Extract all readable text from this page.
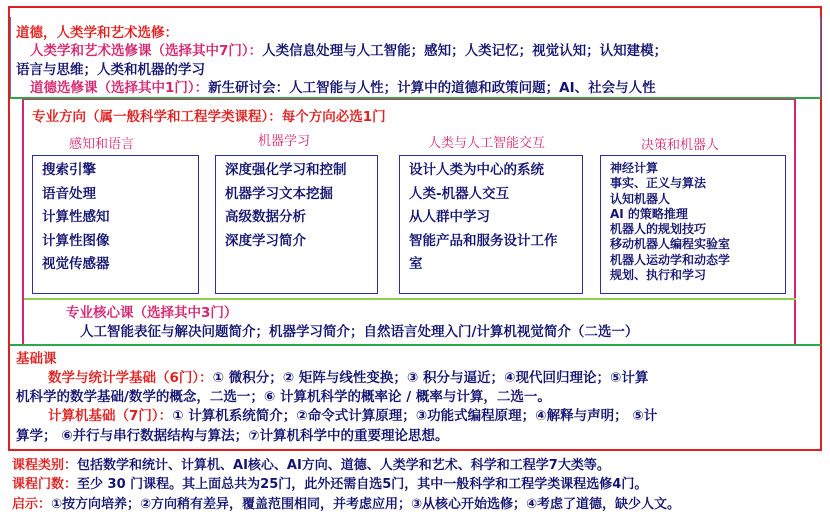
道德，人类学和艺术选修：
人类学和艺术选修课（选择其中7门）：人类信息处理与人工智能；感知；人类记忆；视觉认知；认知建模；
语言与思维；人类和机器的学习
道德选修课（选择其中1门）：新生研讨会：人工智能与人性；计算中的道德和政策问题；AI、社会与人性
专业方向（属一般科学和工程学类课程）：每个方向必选1门
感知和语言
搜索引擎
语音处理
计算性感知
计算性图像
视觉传感器
机器学习
深度强化学习和控制
机器学习文本挖掘
高级数据分析
深度学习简介
人类与人工智能交互
设计人类为中心的系统
人类-机器人交互
从人群中学习
智能产品和服务设计工作室
决策和机器人
神经计算
事实、正义与算法
认知机器人
AI 的策略推理
机器人的规划技巧
移动机器人编程实验室
机器人运动学和动态学
规划、执行和学习
专业核心课（选择其中3门）
人工智能表征与解决问题简介；机器学习简介；自然语言处理入门/计算机视觉简介（二选一）
基础课
数学与统计学基础（6门）：① 微积分；② 矩阵与线性变换；③ 积分与逼近；④现代回归理论；⑤计算
机科学的数学基础/数学的概念，二选一；⑥ 计算机科学的概率论 / 概率与计算，二选一。
计算机基础（7门）：① 计算机系统简介；②命令式计算原理；③功能式编程原理；④解释与声明； ⑤计
算学； ⑥并行与串行数据结构与算法；⑦计算机科学中的重要理论思想。
课程类别：包括数学和统计、计算机、AI核心、AI方向、道德、人类学和艺术、科学和工程学7大类等。
课程门数：至少 30 门课程。其上面总共为25门，此外还需自选5门，其中一般科学和工程学类课程选修4门。
启示：①按方向培养；②方向稍有差异，覆盖范围相同，并考虑应用；③从核心开始选修；④考虑了道德，缺少人文。
